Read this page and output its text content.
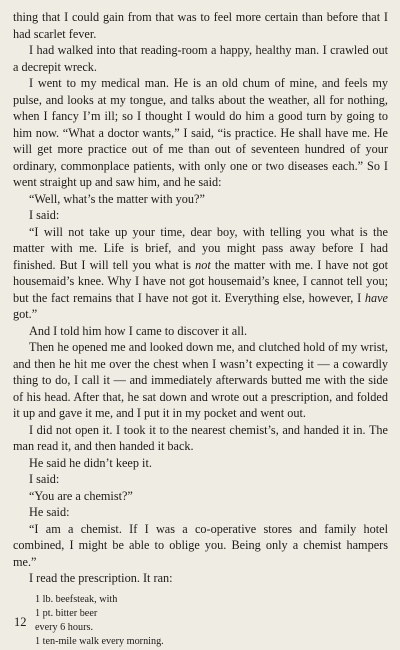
thing that I could gain from that was to feel more certain than before that I had scarlet fever.

I had walked into that reading-room a happy, healthy man. I crawled out a decrepit wreck.

I went to my medical man. He is an old chum of mine, and feels my pulse, and looks at my tongue, and talks about the weather, all for nothing, when I fancy I’m ill; so I thought I would do him a good turn by going to him now. “What a doctor wants,” I said, “is practice. He shall have me. He will get more practice out of me than out of seventeen hundred of your ordinary, commonplace patients, with only one or two diseases each.” So I went straight up and saw him, and he said:

“Well, what’s the matter with you?”

I said:

“I will not take up your time, dear boy, with telling you what is the matter with me. Life is brief, and you might pass away before I had finished. But I will tell you what is not the matter with me. I have not got housemaid’s knee. Why I have not got housemaid’s knee, I cannot tell you; but the fact remains that I have not got it. Everything else, however, I have got.”

And I told him how I came to discover it all.

Then he opened me and looked down me, and clutched hold of my wrist, and then he hit me over the chest when I wasn’t expecting it — a cowardly thing to do, I call it — and immediately afterwards butted me with the side of his head. After that, he sat down and wrote out a prescription, and folded it up and gave it me, and I put it in my pocket and went out.

I did not open it. I took it to the nearest chemist’s, and handed it in. The man read it, and then handed it back.

He said he didn’t keep it.

I said:

“You are a chemist?”

He said:

“I am a chemist. If I was a co-operative stores and family hotel combined, I might be able to oblige you. Being only a chemist hampers me.”

I read the prescription. It ran:

1 lb. beefsteak, with
1 pt. bitter beer
every 6 hours.
1 ten-mile walk every morning.
12
